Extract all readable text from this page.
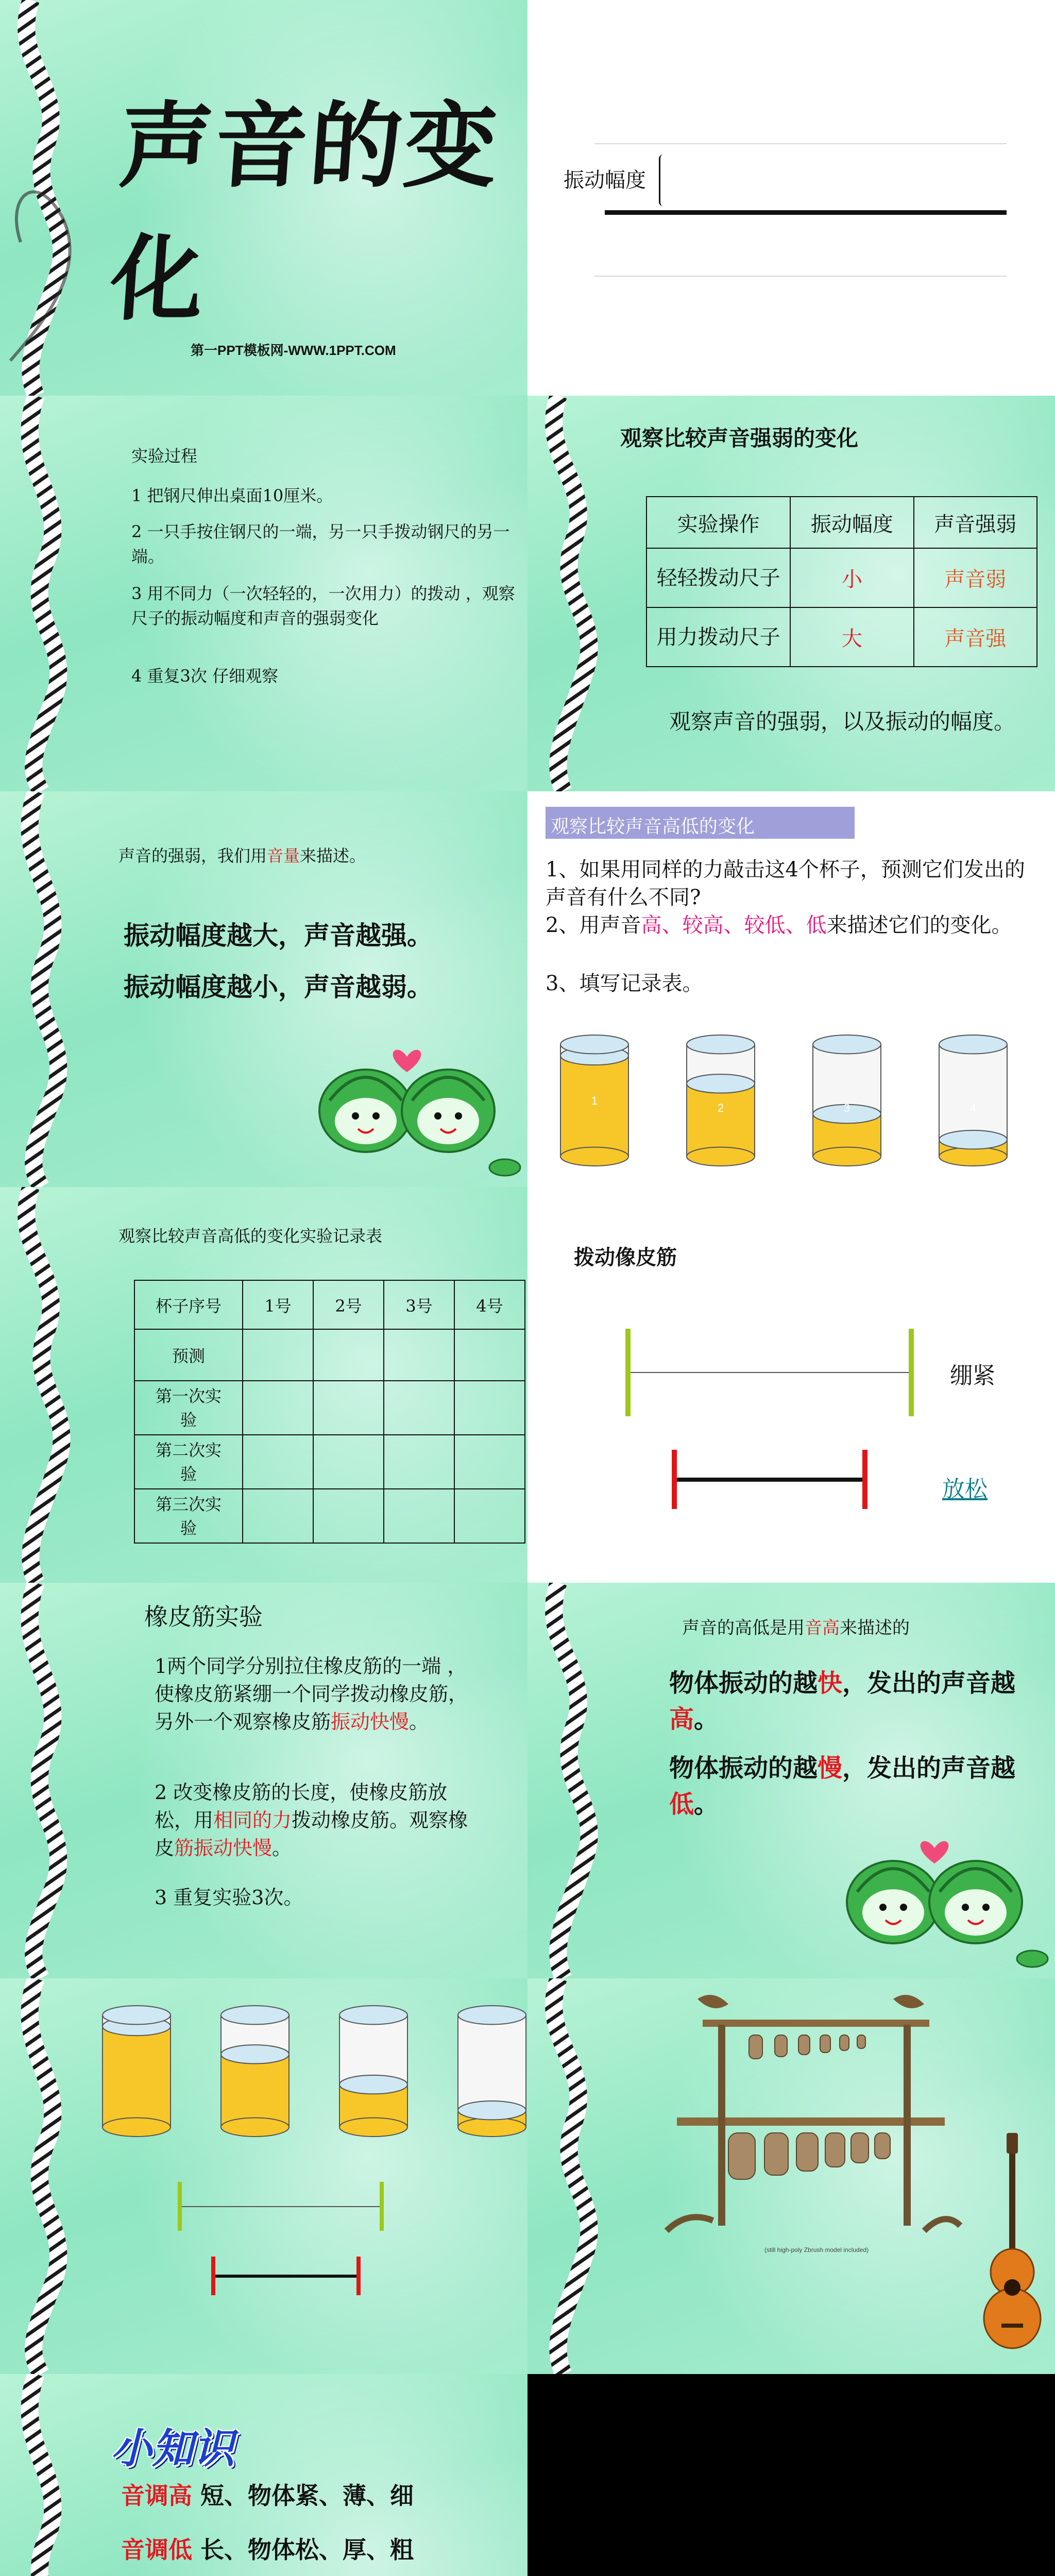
声音的变化
第一PPT模板网-WWW.1PPT.COM
振动幅度
实验过程
1 把钢尺伸出桌面10厘米。
2 一只手按住钢尺的一端，另一只手拨动钢尺的另一端。
3 用不同力（一次轻轻的，一次用力）的拨动 ，观察尺子的振动幅度和声音的强弱变化
4 重复3次 仔细观察
观察比较声音强弱的变化
实验操作	振动幅度	声音强弱
轻轻拨动尺子	小	声音弱
用力拨动尺子	大	声音强
观察声音的强弱，以及振动的幅度。
声音的强弱，我们用音量来描述。
振动幅度越大，声音越强。
振动幅度越小，声音越弱。
观察比较声音高低的变化
1、如果用同样的力敲击这4个杯子，预测它们发出的声音有什么不同?
2、用声音高、较高、较低、低来描述它们的变化。
3、填写记录表。
1
2	3	4
观察比较声音高低的变化实验记录表
杯子序号	1号	2号	3号	4号
预测				
第一次实验				
第二次实验				
第三次实验				
拨动像皮筋
绷紧
放松
橡皮筋实验
1两个同学分别拉住橡皮筋的一端 ，使橡皮筋紧绷一个同学拨动橡皮筋，另外一个观察橡皮筋振动快慢。
2 改变橡皮筋的长度，使橡皮筋放松，用相同的力拨动橡皮筋。观察橡皮筋振动快慢。
3 重复实验3次。
声音的高低是用音高来描述的
物体振动的越快，发出的声音越高。
物体振动的越慢，发出的声音越低。
(still high-poly Zbrush model included)
小知识
音调高 短、物体紧、薄、细
音调低 长、物体松、厚、粗
